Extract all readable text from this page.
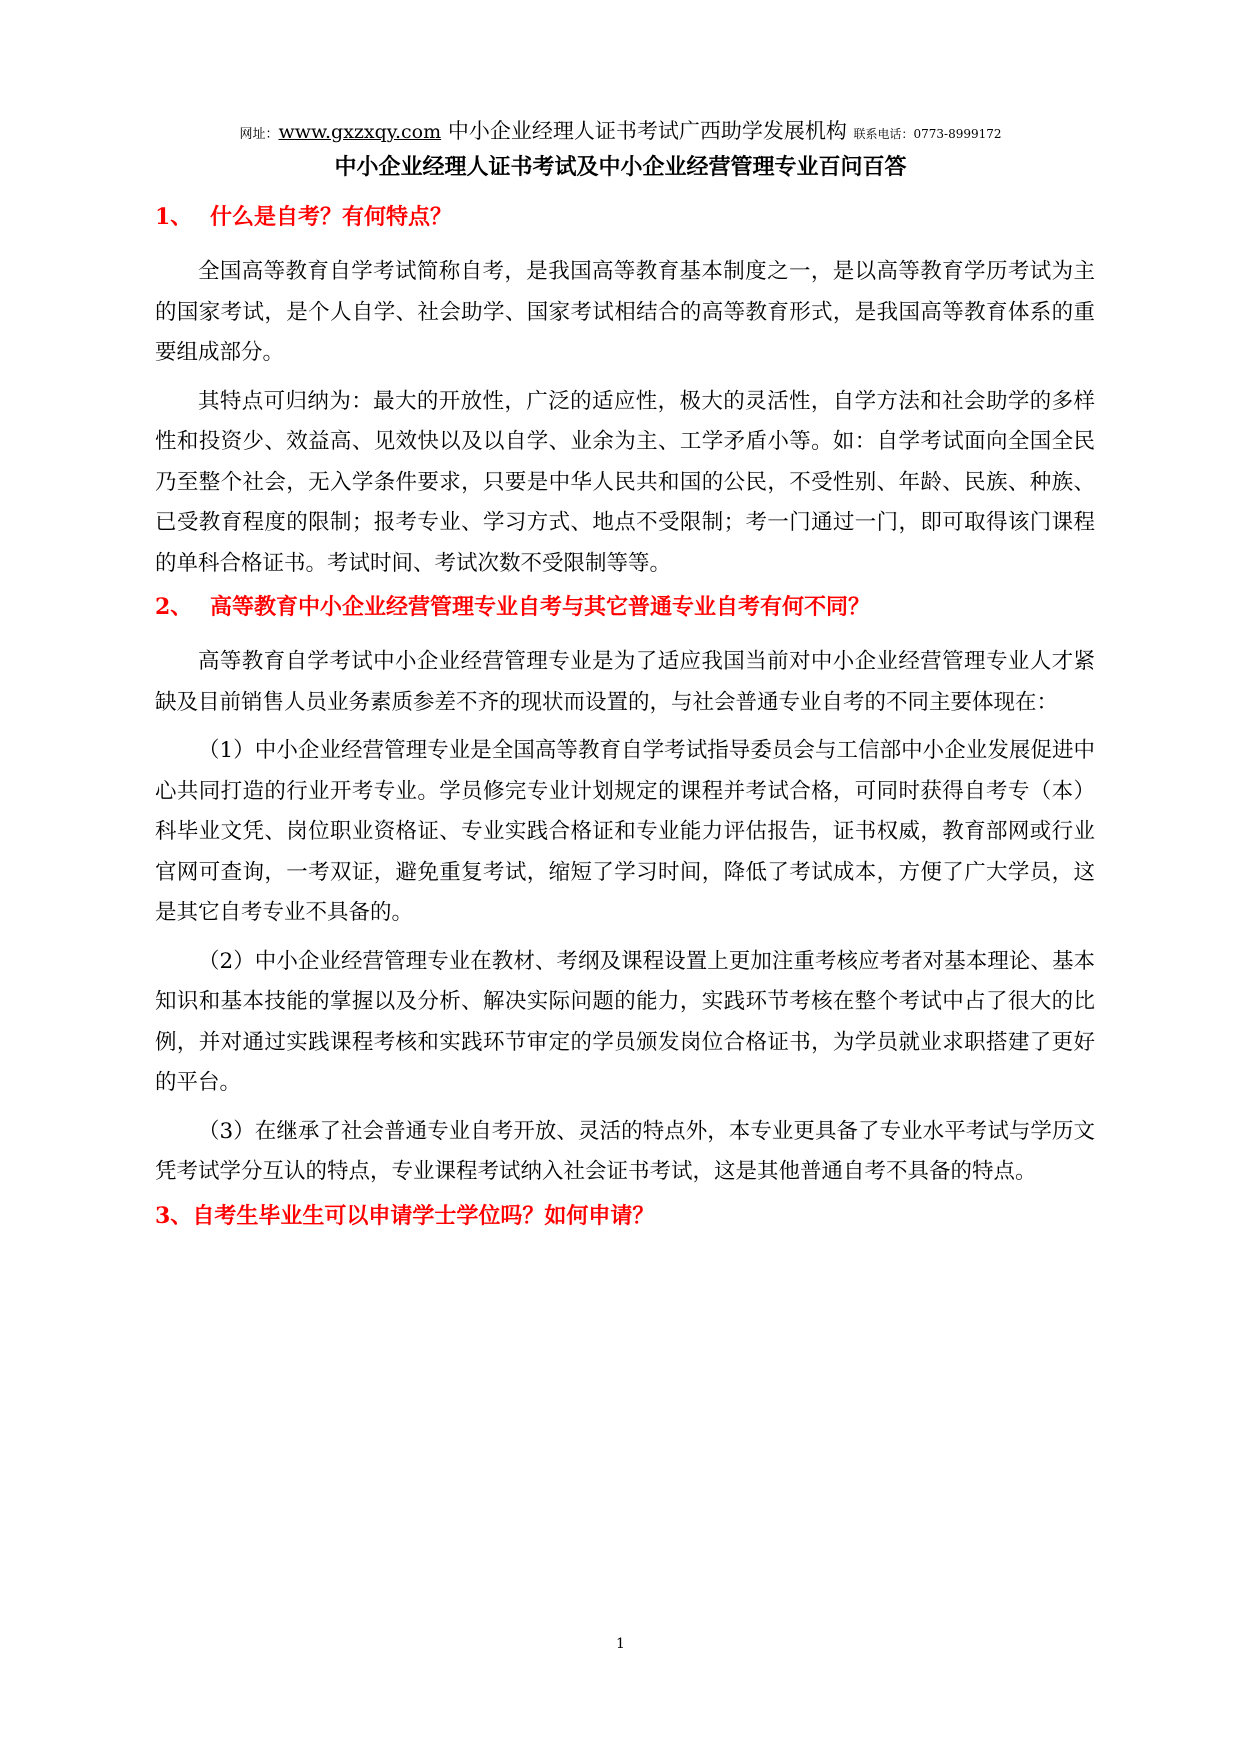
网址：www.gxzxqy.com 中小企业经理人证书考试广西助学发展机构 联系电话：0773-8999172
中小企业经理人证书考试及中小企业经营管理专业百问百答
1、 什么是自考？有何特点？

全国高等教育自学考试简称自考，是我国高等教育基本制度之一，是以高等教育学历考试为主的国家考试，是个人自学、社会助学、国家考试相结合的高等教育形式，是我国高等教育体系的重要组成部分。

其特点可归纳为：最大的开放性，广泛的适应性，极大的灵活性，自学方法和社会助学的多样性和投资少、效益高、见效快以及以自学、业余为主、工学矛盾小等。如：自学考试面向全国全民乃至整个社会，无入学条件要求，只要是中华人民共和国的公民，不受性别、年龄、民族、种族、已受教育程度的限制；报考专业、学习方式、地点不受限制；考一门通过一门，即可取得该门课程的单科合格证书。考试时间、考试次数不受限制等等。

2、 高等教育中小企业经营管理专业自考与其它普通专业自考有何不同？

高等教育自学考试中小企业经营管理专业是为了适应我国当前对中小企业经营管理专业人才紧缺及目前销售人员业务素质参差不齐的现状而设置的，与社会普通专业自考的不同主要体现在：

（1）中小企业经营管理专业是全国高等教育自学考试指导委员会与工信部中小企业发展促进中心共同打造的行业开考专业。学员修完专业计划规定的课程并考试合格，可同时获得自考专（本）科毕业文凭、岗位职业资格证、专业实践合格证和专业能力评估报告，证书权威，教育部网或行业官网可查询，一考双证，避免重复考试，缩短了学习时间，降低了考试成本，方便了广大学员，这是其它自考专业不具备的。

（2）中小企业经营管理专业在教材、考纲及课程设置上更加注重考核应考者对基本理论、基本知识和基本技能的掌握以及分析、解决实际问题的能力，实践环节考核在整个考试中占了很大的比例，并对通过实践课程考核和实践环节审定的学员颁发岗位合格证书，为学员就业求职搭建了更好的平台。

（3）在继承了社会普通专业自考开放、灵活的特点外，本专业更具备了专业水平考试与学历文凭考试学分互认的特点，专业课程考试纳入社会证书考试，这是其他普通自考不具备的特点。

3、自考生毕业生可以申请学士学位吗？如何申请？
1
